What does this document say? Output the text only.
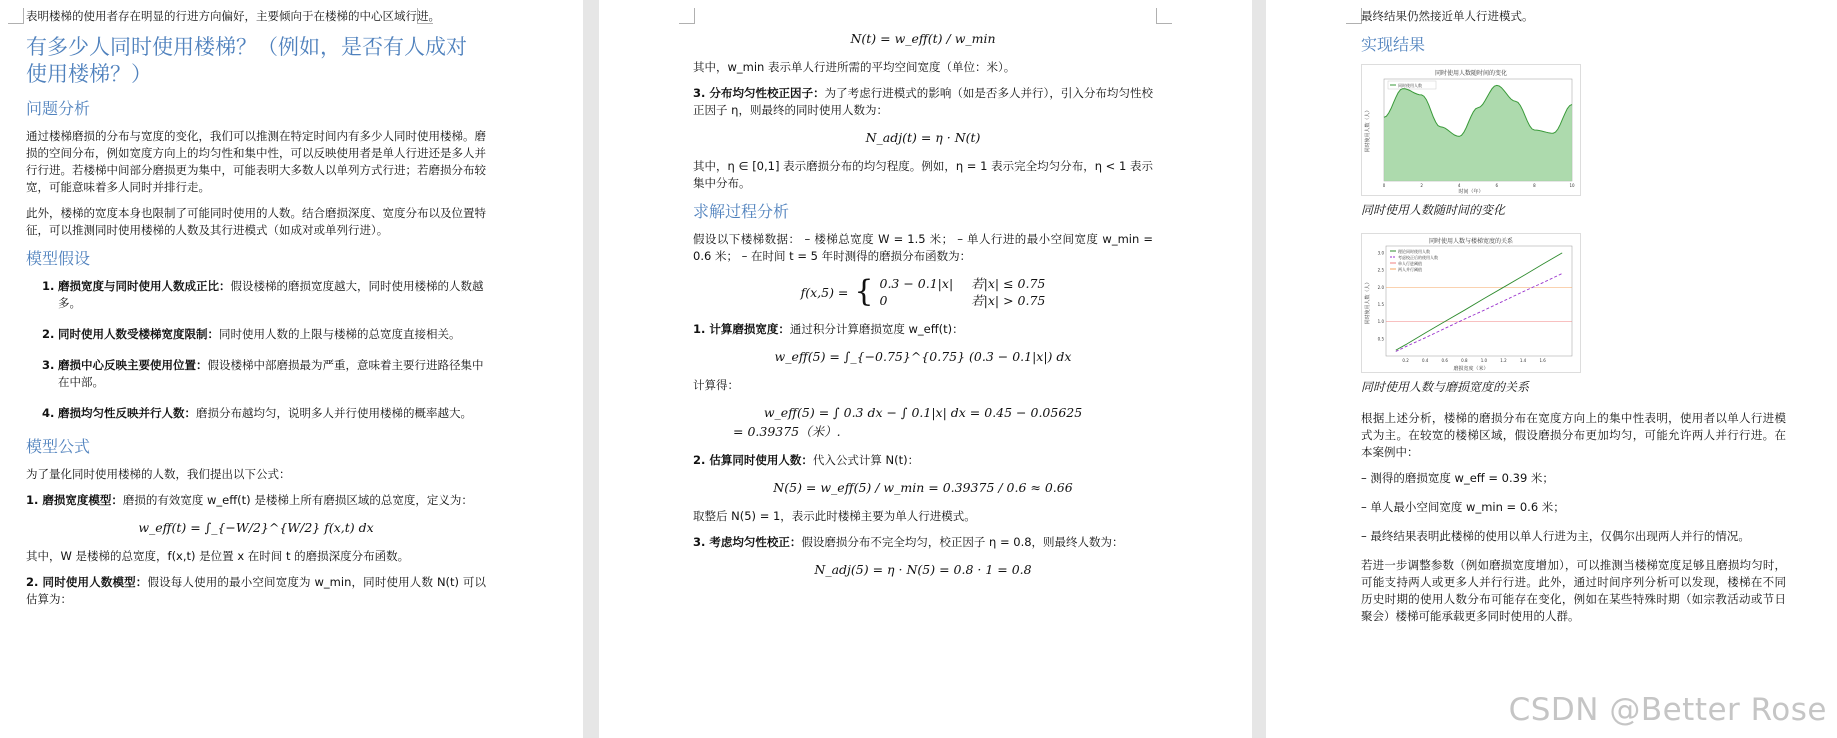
表明楼梯的使用者存在明显的行进方向偏好，主要倾向于在楼梯的中心区域行进。

有多少人同时使用楼梯？（例如，是否有人成对使用楼梯？）
问题分析

通过楼梯磨损的分布与宽度的变化，我们可以推测在特定时间内有多少人同时使用楼梯。磨损的空间分布，例如宽度方向上的均匀性和集中性，可以反映使用者是单人行进还是多人并行行进。若楼梯中间部分磨损更为集中，可能表明大多数人以单列方式行进；若磨损分布较宽，可能意味着多人同时并排行走。

此外，楼梯的宽度本身也限制了可能同时使用的人数。结合磨损深度、宽度分布以及位置特征，可以推测同时使用楼梯的人数及其行进模式（如成对或单列行进）。

模型假设
1. 磨损宽度与同时使用人数成正比：假设楼梯的磨损宽度越大，同时使用楼梯的人数越多。
2. 同时使用人数受楼梯宽度限制：同时使用人数的上限与楼梯的总宽度直接相关。
3. 磨损中心反映主要使用位置：假设楼梯中部磨损最为严重，意味着主要行进路径集中在中部。
4. 磨损均匀性反映并行人数：磨损分布越均匀，说明多人并行使用楼梯的概率越大。
模型公式

为了量化同时使用楼梯的人数，我们提出以下公式：

1. 磨损宽度模型：磨损的有效宽度 w_eff(t) 是楼梯上所有磨损区域的总宽度，定义为：

w_eff(t) = ∫_{−W/2}^{W/2} f(x,t) dx

其中，W 是楼梯的总宽度，f(x,t) 是位置 x 在时间 t 的磨损深度分布函数。

2. 同时使用人数模型：假设每人使用的最小空间宽度为 w_min，同时使用人数 N(t) 可以估算为：

N(t) = w_eff(t) / w_min

其中，w_min 表示单人行进所需的平均空间宽度（单位：米）。

3. 分布均匀性校正因子：为了考虑行进模式的影响（如是否多人并行），引入分布均匀性校正因子 η，则最终的同时使用人数为：

N_adj(t) = η · N(t)

其中，η ∈ [0,1] 表示磨损分布的均匀程度。例如，η = 1 表示完全均匀分布，η < 1 表示集中分布。

求解过程分析

假设以下楼梯数据： – 楼梯总宽度 W = 1.5 米； – 单人行进的最小空间宽度 w_min = 0.6 米； – 在时间 t = 5 年时测得的磨损分布函数为：

f(x,5) = { 0.3 − 0.1|x| 若|x| ≤ 0.75
0	若|x| > 0.75

1. 计算磨损宽度：通过积分计算磨损宽度 w_eff(t)：

w_eff(5) = ∫_{−0.75}^{0.75} (0.3 − 0.1|x|) dx

计算得：

w_eff(5) = ∫ 0.3 dx − ∫ 0.1|x| dx = 0.45 − 0.05625
= 0.39375（米）.

2. 估算同时使用人数：代入公式计算 N(t)：

N(5) = w_eff(5) / w_min = 0.39375 / 0.6 ≈ 0.66

取整后 N(5) = 1，表示此时楼梯主要为单人行进模式。

3. 考虑均匀性校正：假设磨损分布不完全均匀，校正因子 η = 0.8，则最终人数为：

N_adj(5) = η · N(5) = 0.8 · 1 = 0.8

最终结果仍然接近单人行进模式。

实现结果
同时使用人数随时间的变化
时间（年）
同时使用人数（人）
同时使用人数
0	2	4	6	8	10
同时使用人数随时间的变化
同时使用人数与楼梯宽度的关系
磨损宽度（米）
同时使用人数（人）
理论同时使用人数
考虑校正后的使用人数
单人行进阈值
两人并行阈值
0.2	0.4	0.6	0.8	1.0	1.2	1.4	1.6
0.5
1.0
1.5
2.0
2.5
3.0
同时使用人数与磨损宽度的关系

根据上述分析，楼梯的磨损分布在宽度方向上的集中性表明，使用者以单人行进模式为主。在较宽的楼梯区域，假设磨损分布更加均匀，可能允许两人并行行进。在本案例中：

– 测得的磨损宽度 w_eff = 0.39 米；
– 单人最小空间宽度 w_min = 0.6 米；
– 最终结果表明此楼梯的使用以单人行进为主，仅偶尔出现两人并行的情况。

若进一步调整参数（例如磨损宽度增加），可以推测当楼梯宽度足够且磨损均匀时，可能支持两人或更多人并行行进。此外，通过时间序列分析可以发现，楼梯在不同历史时期的使用人数分布可能存在变化，例如在某些特殊时期（如宗教活动或节日聚会）楼梯可能承载更多同时使用的人群。

CSDN @Better Rose
